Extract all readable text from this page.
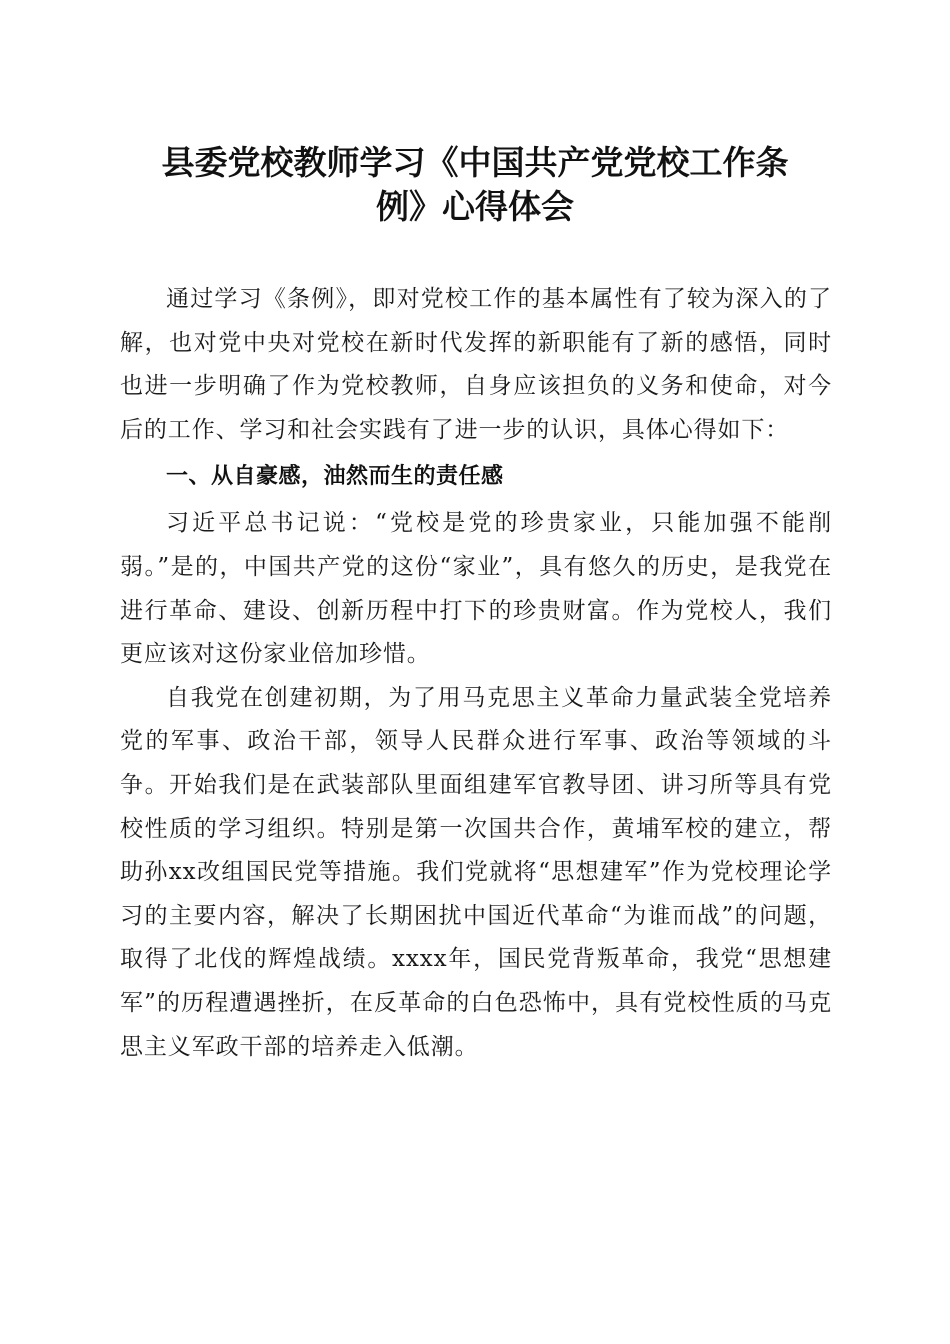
县委党校教师学习《中国共产党党校工作条
例》心得体会

通过学习《条例》，即对党校工作的基本属性有了较为深入的了解，也对党中央对党校在新时代发挥的新职能有了新的感悟，同时也进一步明确了作为党校教师，自身应该担负的义务和使命，对今后的工作、学习和社会实践有了进一步的认识，具体心得如下：

一、从自豪感，油然而生的责任感

习近平总书记说：“党校是党的珍贵家业，只能加强不能削弱。”是的，中国共产党的这份“家业”，具有悠久的历史，是我党在进行革命、建设、创新历程中打下的珍贵财富。作为党校人，我们更应该对这份家业倍加珍惜。

自我党在创建初期，为了用马克思主义革命力量武装全党培养党的军事、政治干部，领导人民群众进行军事、政治等领域的斗争。开始我们是在武装部队里面组建军官教导团、讲习所等具有党校性质的学习组织。特别是第一次国共合作，黄埔军校的建立，帮助孙xx改组国民党等措施。我们党就将“思想建军”作为党校理论学习的主要内容，解决了长期困扰中国近代革命“为谁而战”的问题，取得了北伐的辉煌战绩。xxxx年，国民党背叛革命，我党“思想建军”的历程遭遇挫折，在反革命的白色恐怖中，具有党校性质的马克思主义军政干部的培养走入低潮。
